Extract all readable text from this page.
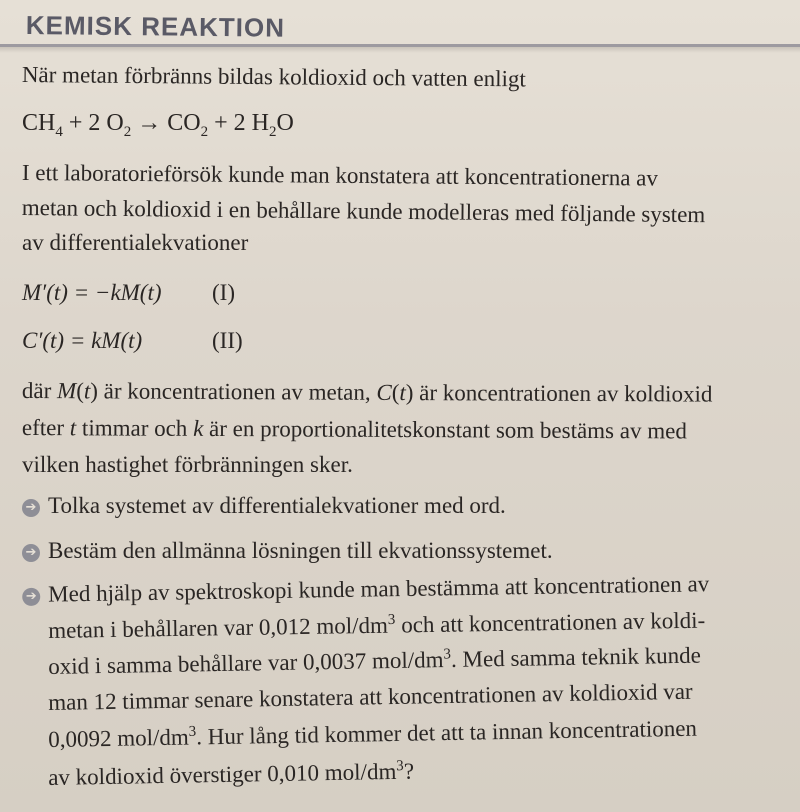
KEMISK REAKTION
När metan förbränns bildas koldioxid och vatten enligt
$CH_4 + 2$ $O_2 \to CO_2 + 2$ $H_2O$
I ett laboratorieförsök kunde man konstatera att koncentrationerna av
metan och koldioxid i en behållare kunde modelleras med följande system
av differentialekvationer
M′(t) = −kM(t) (I)
C′(t) = kM(t)	(II)
där M(t) är koncentrationen av metan, C(t) är koncentrationen av koldioxid
efter t timmar och k är en proportionalitetskonstant som bestäms av med
vilken hastighet förbränningen sker.
➔ Tolka systemet av differentialekvationer med ord.
➔ Bestäm den allmänna lösningen till ekvationssystemet.
➔ Med hjälp av spektroskopi kunde man bestämma att koncentrationen av
metan i behållaren var 0,012 mol/$dm^3$ och att koncentrationen av koldi-
oxid i samma behållare var 0,0037 mol/$dm^3$. Med samma teknik kunde
man 12 timmar senare konstatera att koncentrationen av koldioxid var
0,0092 mol/$dm^3$. Hur lång tid kommer det att ta innan koncentrationen
av koldioxid överstiger 0,010 mol/$dm^3$?
